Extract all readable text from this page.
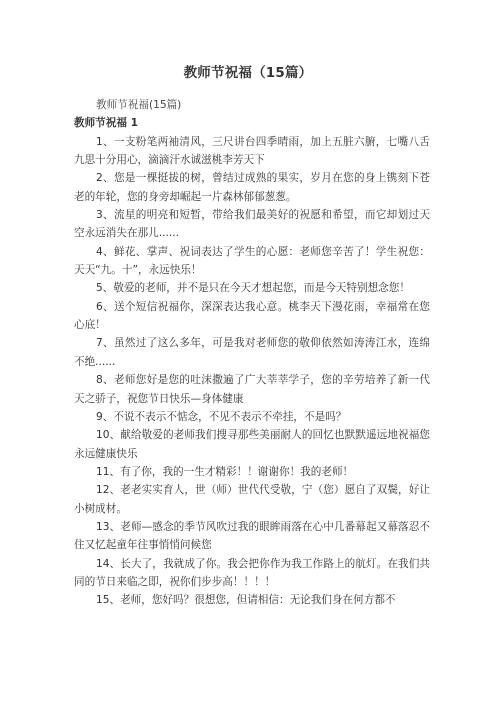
教师节祝福（15篇）

教师节祝福(15篇)

教师节祝福 1

1、一支粉笔两袖清风，三尺讲台四季晴雨，加上五脏六腑，七嘴八舌九思十分用心，滴滴汗水诚滋桃李芳天下

2、您是一棵挺拔的树，曾结过成熟的果实，岁月在您的身上镌刻下苍老的年轮，您的身旁却崛起一片森林郁郁葱葱。

3、流星的明亮和短暂，带给我们最美好的祝愿和希望，而它却划过天空永远消失在那儿......

4、鲜花、掌声、祝词表达了学生的心愿：老师您辛苦了！学生祝您：天天“九。十”，永远快乐！

5、敬爱的老师，并不是只在今天才想起您，而是今天特别想念您！

6、送个短信祝福你，深深表达我心意。桃李天下漫花雨，幸福常在您心底！

7、虽然过了这么多年，可是我对老师您的敬仰依然如涛涛江水，连绵不绝......

8、老师您好是您的吐沫撒遍了广大莘莘学子，您的辛劳培养了新一代天之骄子，祝您节日快乐—身体健康

9、不说不表示不惦念，不见不表示不牵挂，不是吗？

10、献给敬爱的老师我们搜寻那些美丽耐人的回忆也默默遥远地祝福您永远健康快乐

11、有了你，我的一生才精彩！！谢谢你！我的老师！

12、老老实实育人，世（师）世代代受敬，宁（您）愿自了双鬓，好让小树成材。

13、老师—感念的季节风吹过我的眼眸雨落在心中几番幕起又幕落忍不住又忆起童年往事悄悄问候您

14、长大了，我就成了你。我会把你作为我工作路上的航灯。在我们共同的节日来临之即，祝你们步步高！！！！

15、老师，您好吗？很想您，但请相信：无论我们身在何方都不
